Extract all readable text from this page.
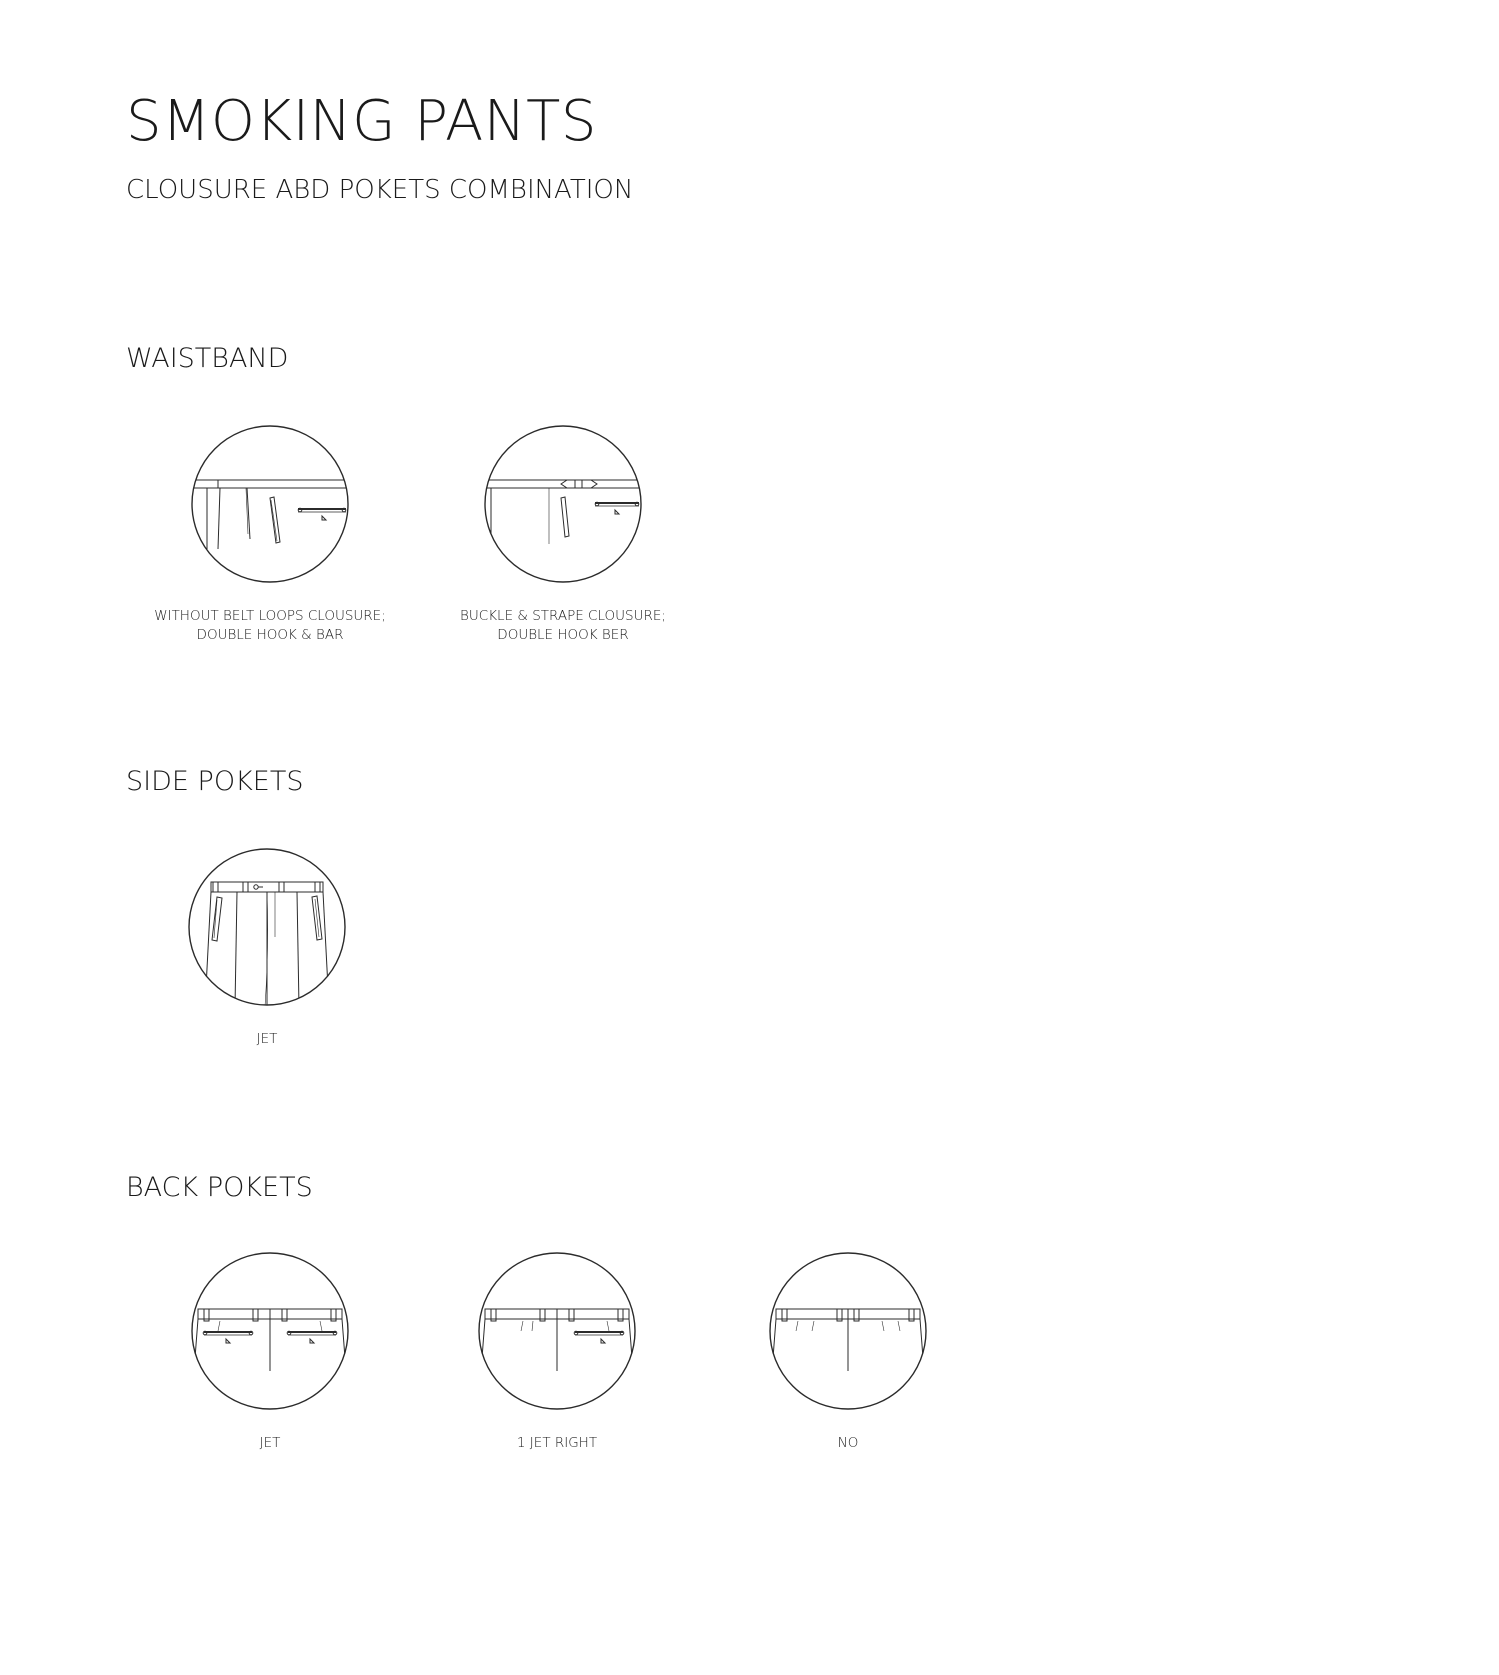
SMOKING PANTS
CLOUSURE ABD POKETS COMBINATION
WAISTBAND
WITHOUT BELT LOOPS CLOUSURE;
DOUBLE HOOK & BAR
BUCKLE & STRAPE CLOUSURE;
DOUBLE HOOK BER
SIDE POKETS
JET
BACK POKETS
JET	1 JET RIGHT	NO
